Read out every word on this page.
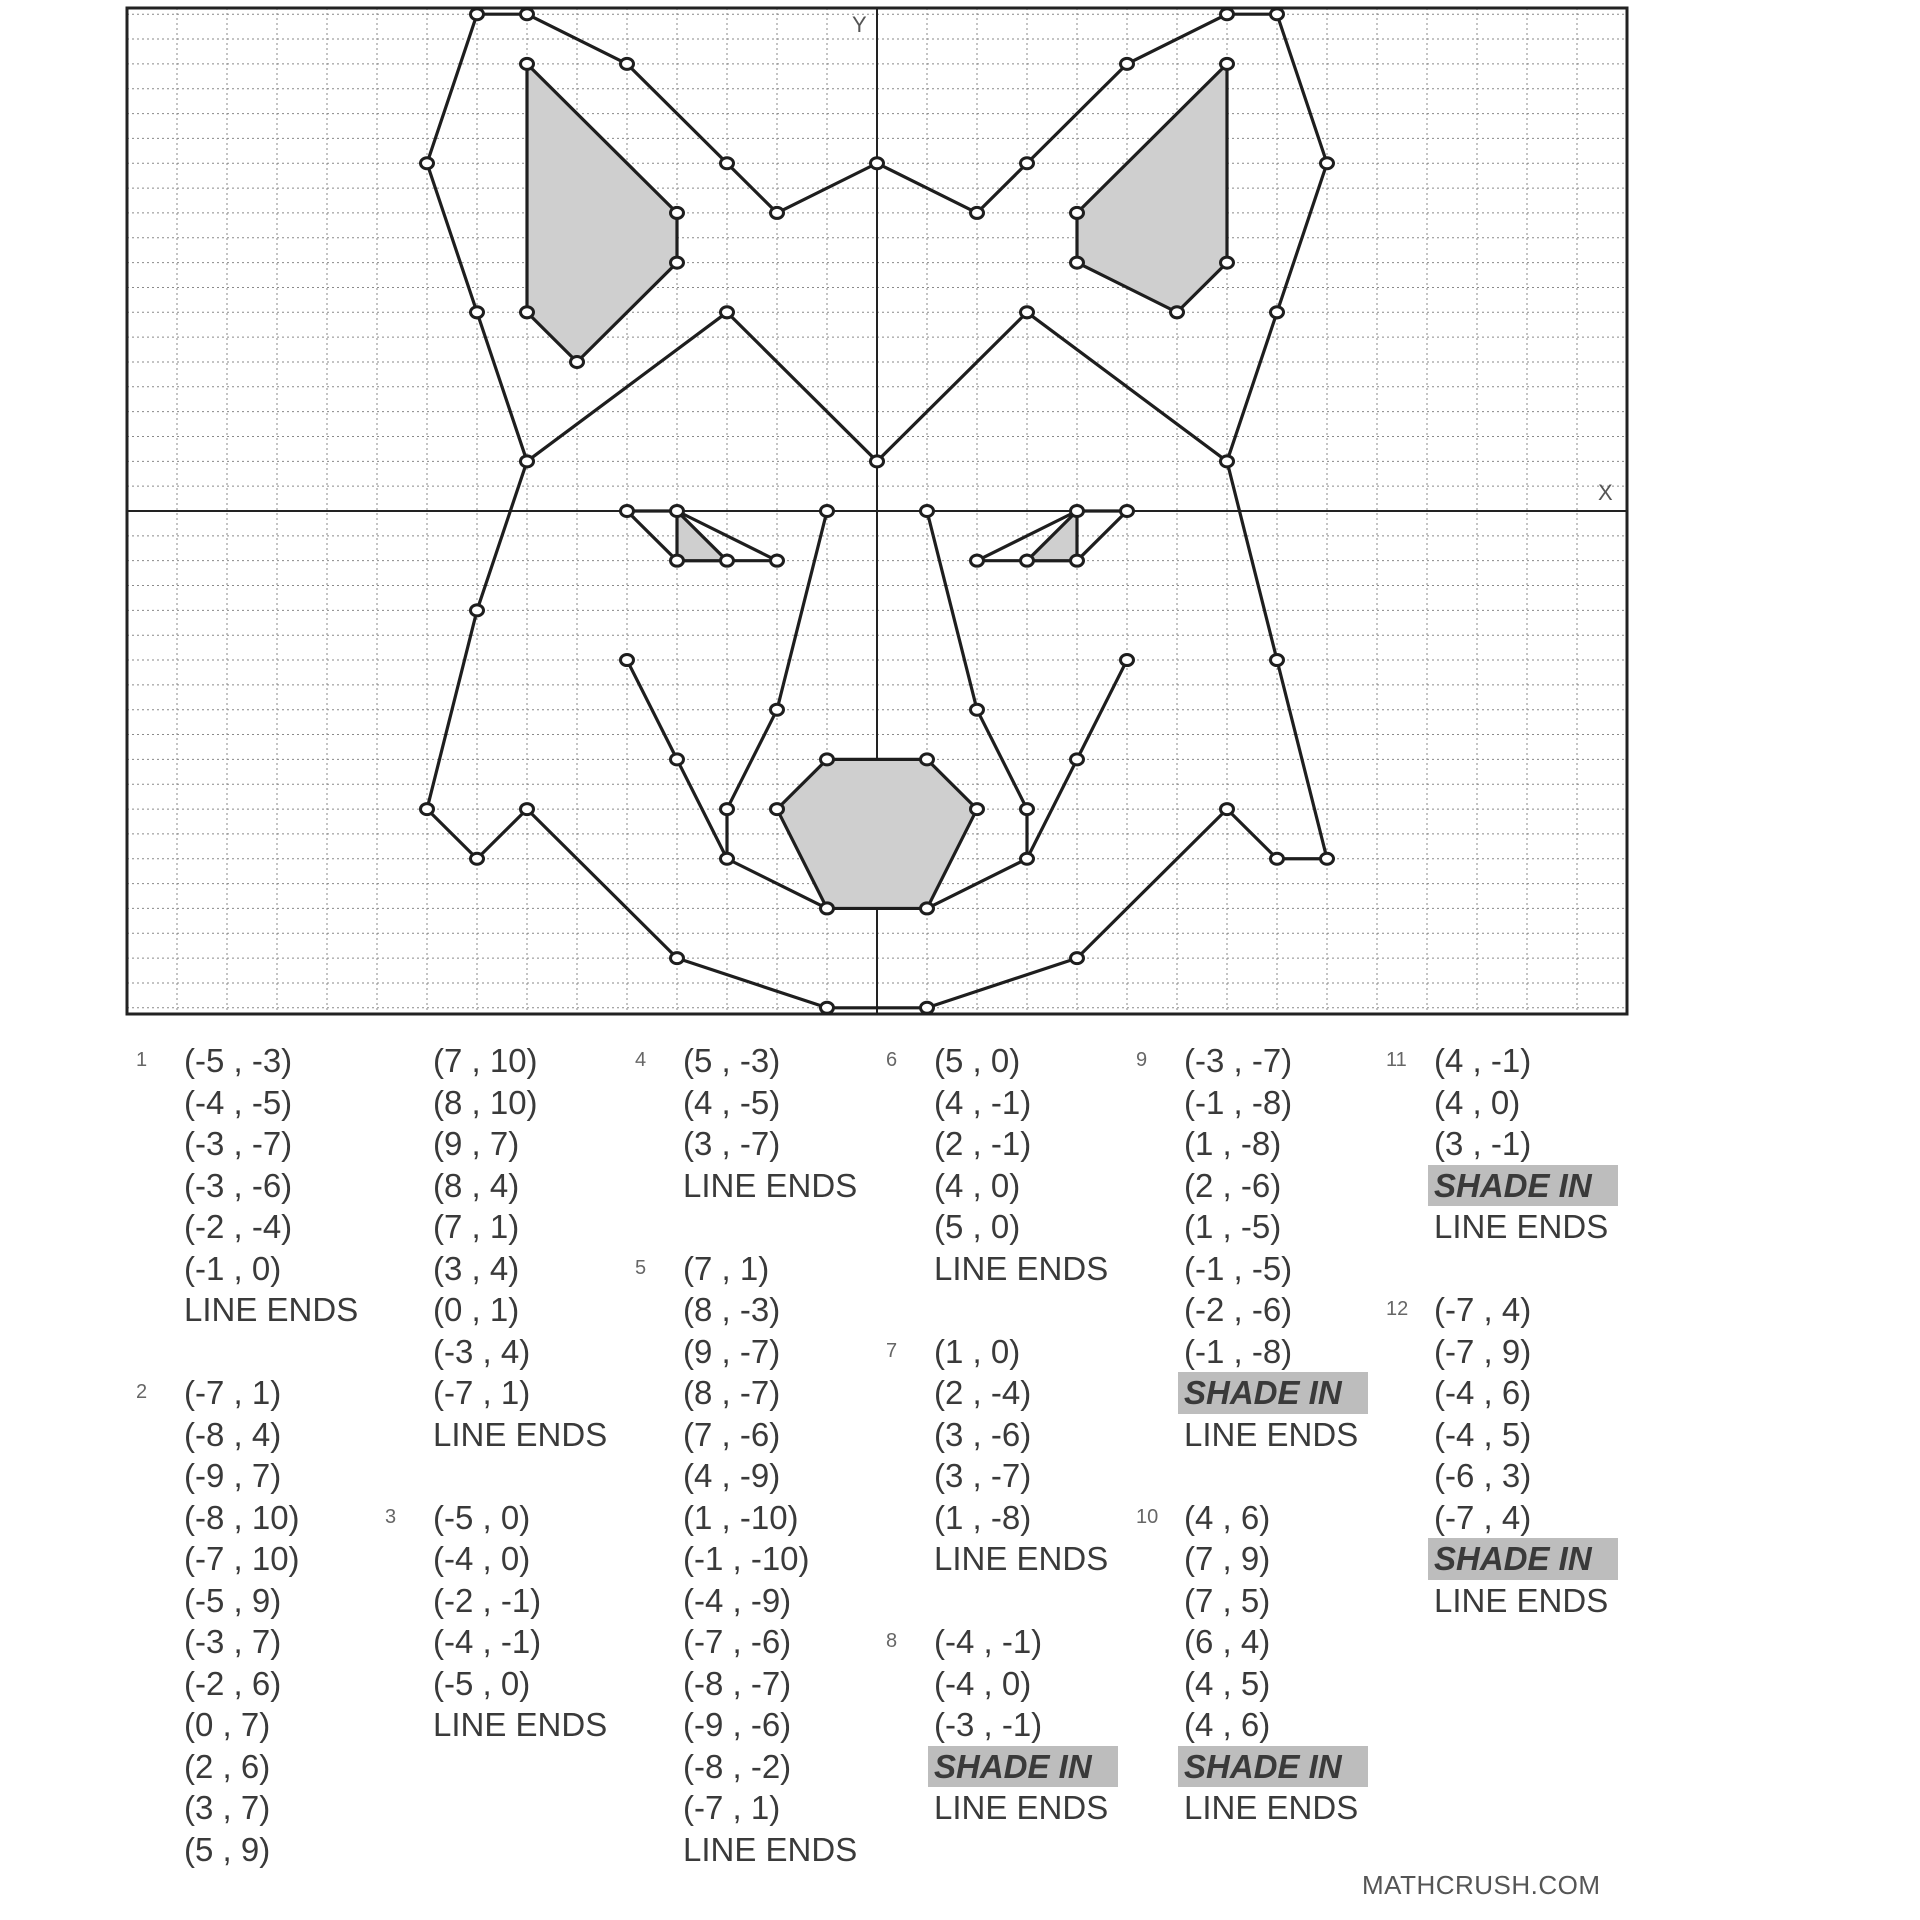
Y
X
1 (-5 , -3)
(-4 , -5)
(-3 , -7)
(-3 , -6)
(-2 , -4)
(-1 , 0)
LINE ENDS
2 (-7 , 1)
(-8 , 4)
(-9 , 7)
(-8 , 10)
(-7 , 10)
(-5 , 9)
(-3 , 7)
(-2 , 6)
(0 , 7)
(2 , 6)
(3 , 7)
(5 , 9)
(7 , 10)
(8 , 10)
(9 , 7)
(8 , 4)
(7 , 1)
(3 , 4)
(0 , 1)
(-3 , 4)
(-7 , 1)
LINE ENDS
3 (-5 , 0)
(-4 , 0)
(-2 , -1)
(-4 , -1)
(-5 , 0)
LINE ENDS
4 (5 , -3)
(4 , -5)
(3 , -7)
LINE ENDS
5 (7 , 1)
(8 , -3)
(9 , -7)
(8 , -7)
(7 , -6)
(4 , -9)
(1 , -10)
(-1 , -10)
(-4 , -9)
(-7 , -6)
(-8 , -7)
(-9 , -6)
(-8 , -2)
(-7 , 1)
LINE ENDS
6 (5 , 0)
(4 , -1)
(2 , -1)
(4 , 0)
(5 , 0)
LINE ENDS
7 (1 , 0)
(2 , -4)
(3 , -6)
(3 , -7)
(1 , -8)
LINE ENDS
8 (-4 , -1)
(-4 , 0)
(-3 , -1)
SHADE IN
LINE ENDS
9 (-3 , -7)
(-1 , -8)
(1 , -8)
(2 , -6)
(1 , -5)
(-1 , -5)
(-2 , -6)
(-1 , -8)
SHADE IN
LINE ENDS
10 (4 , 6)
(7 , 9)
(7 , 5)
(6 , 4)
(4 , 5)
(4 , 6)
SHADE IN
LINE ENDS
11 (4 , -1)
(4 , 0)
(3 , -1)
SHADE IN
LINE ENDS
12 (-7 , 4)
(-7 , 9)
(-4 , 6)
(-4 , 5)
(-6 , 3)
(-7 , 4)
SHADE IN
LINE ENDS
MATHCRUSH.COM
